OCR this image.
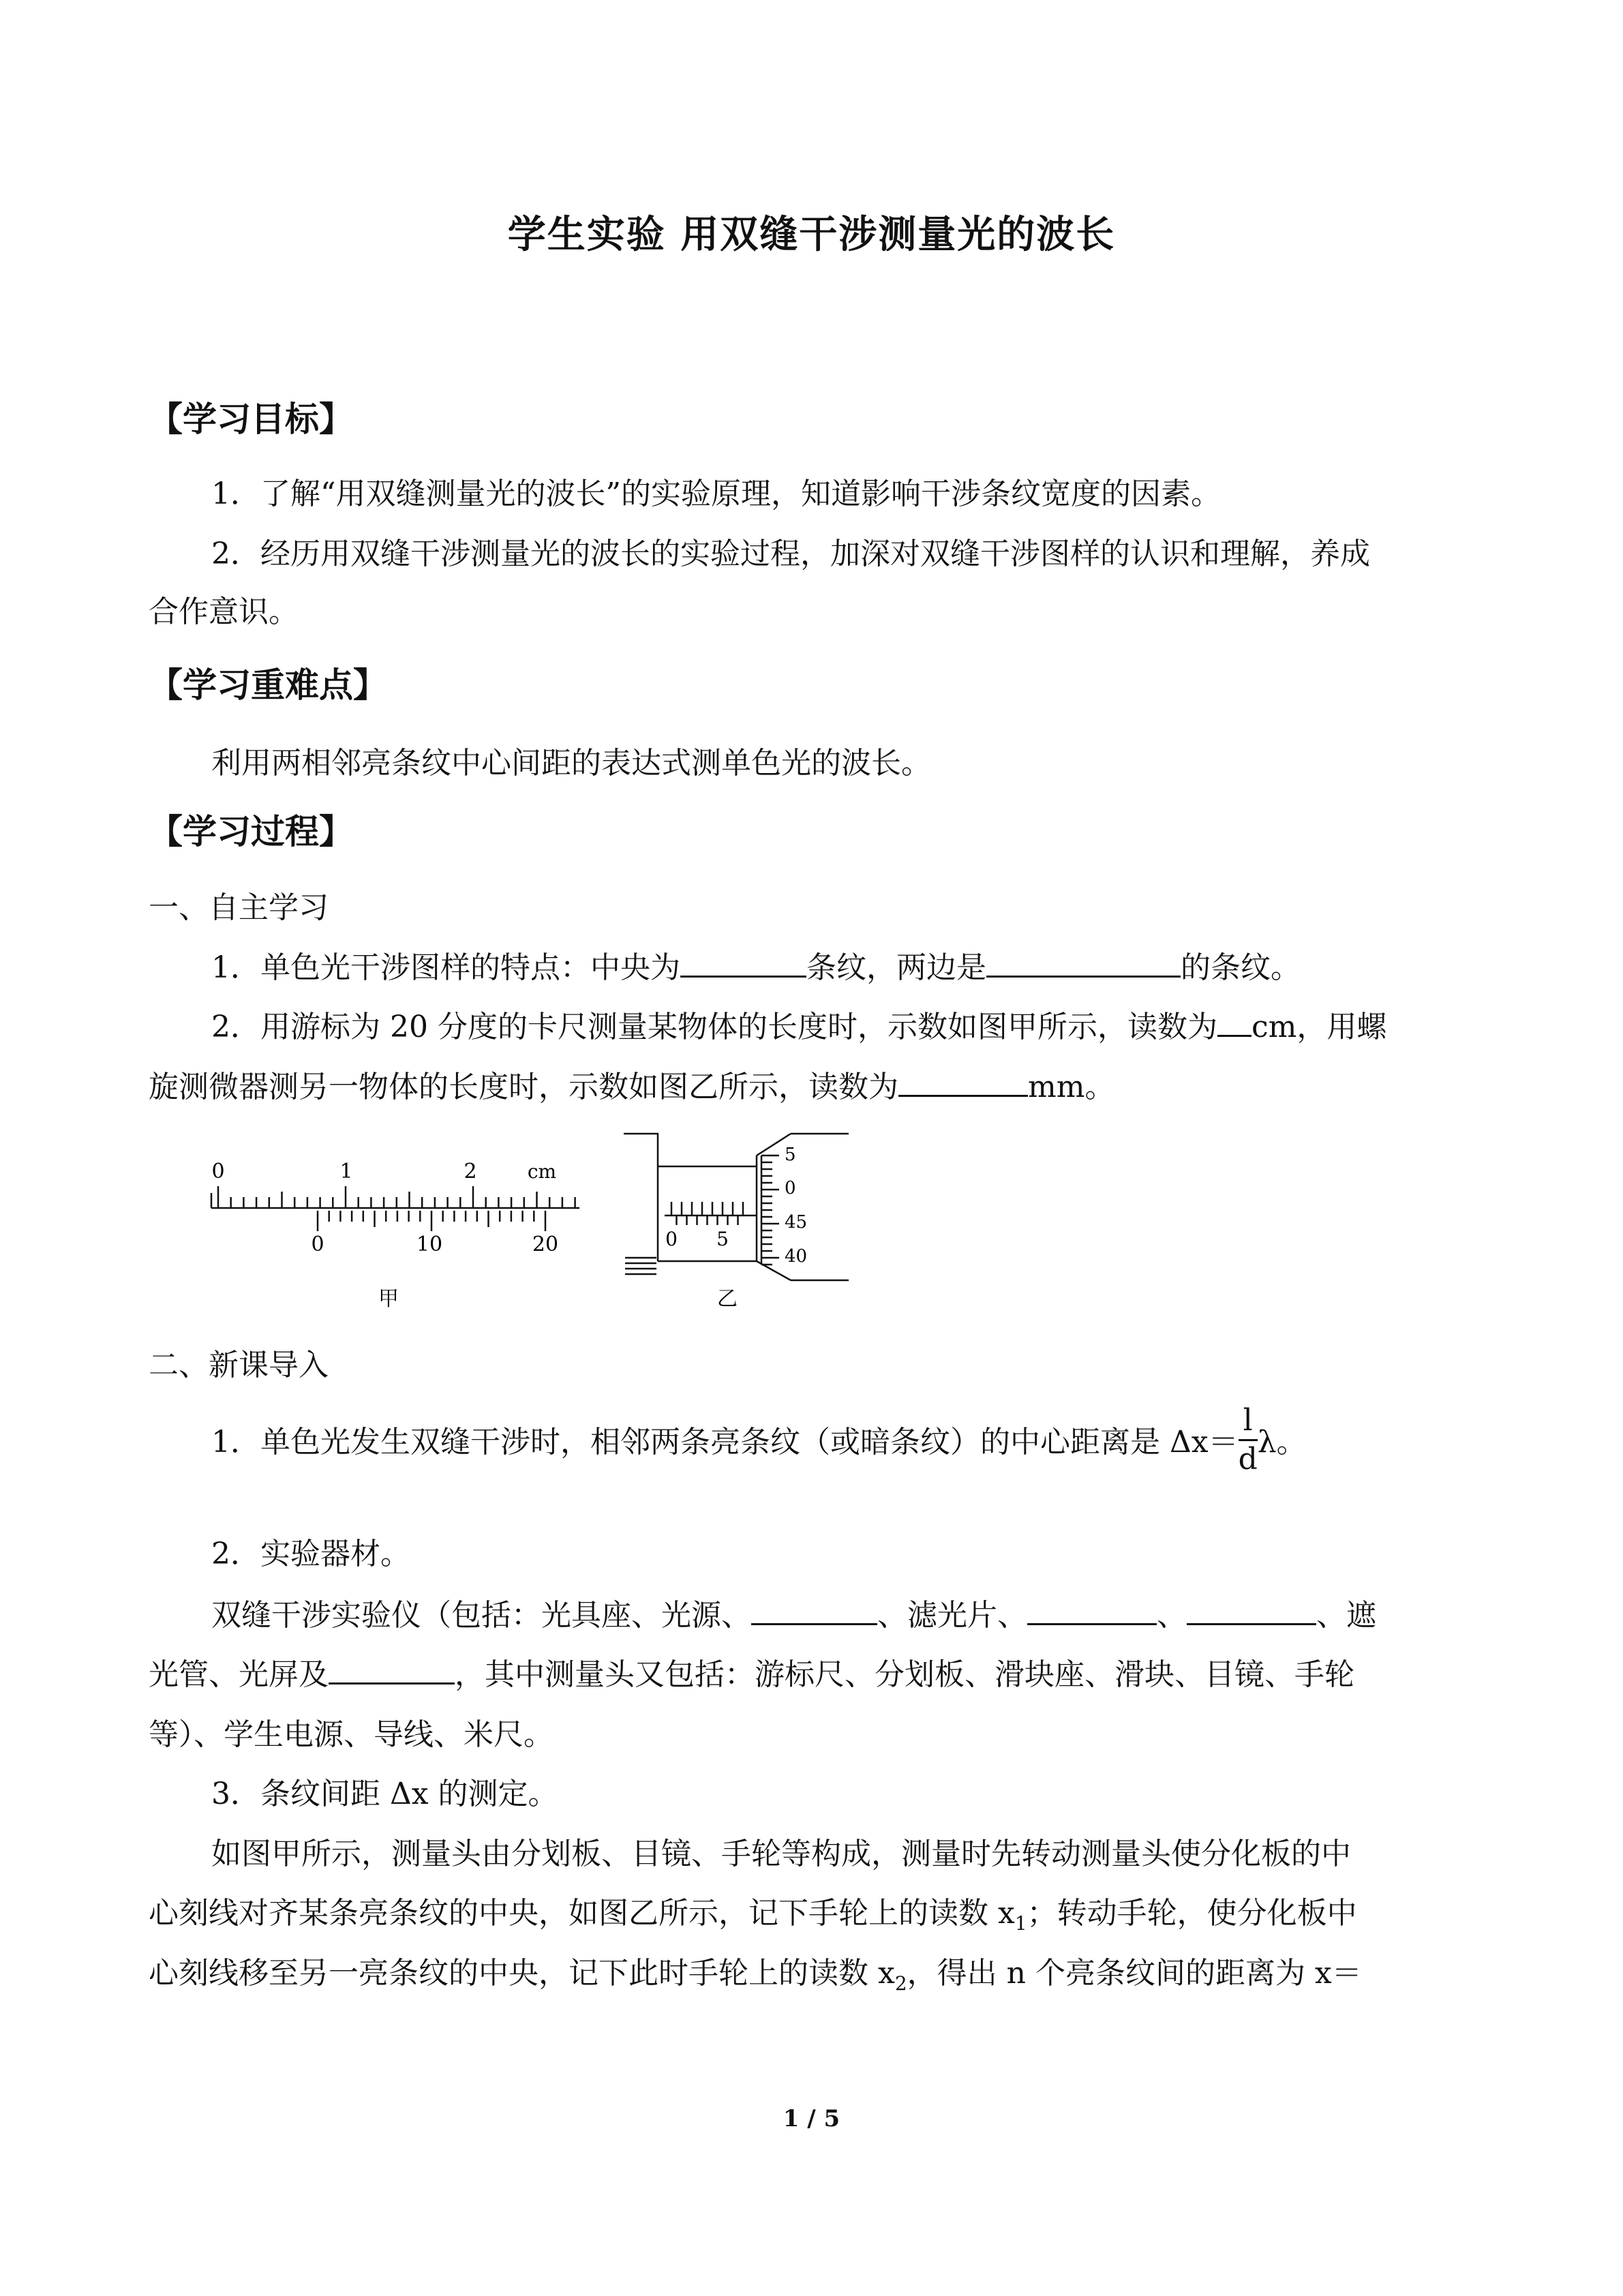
学生实验 用双缝干涉测量光的波长
【学习目标】
1．了解“用双缝测量光的波长”的实验原理，知道影响干涉条纹宽度的因素。
2．经历用双缝干涉测量光的波长的实验过程，加深对双缝干涉图样的认识和理解，养成
合作意识。
【学习重难点】
利用两相邻亮条纹中心间距的表达式测单色光的波长。
【学习过程】
一、自主学习
1．单色光干涉图样的特点：中央为	条纹，两边是	的条纹。
2．用游标为 20 分度的卡尺测量某物体的长度时，示数如图甲所示，读数为 cm，用螺
旋测微器测另一物体的长度时，示数如图乙所示，读数为	mm。
0	1	2	cm
0	10	20
甲
0 5
5
0
45
40
乙
二、新课导入
1．单色光发生双缝干涉时，相邻两条亮条纹（或暗条纹）的中心距离是 $\Delta x= \frac{l}{d}$ λ。
2．实验器材。
双缝干涉实验仪（包括：光具座、光源、	、滤光片、	、	、遮
光管、光屏及	，其中测量头又包括：游标尺、分划板、滑块座、滑块、目镜、手轮
等）、学生电源、导线、米尺。
3．条纹间距 Δx 的测定。
如图甲所示，测量头由分划板、目镜、手轮等构成，测量时先转动测量头使分化板的中
心刻线对齐某条亮条纹的中央，如图乙所示，记下手轮上的读数 $x_1$；转动手轮，使分化板中
心刻线移至另一亮条纹的中央，记下此时手轮上的读数 $x_2$，得出 n 个亮条纹间的距离为 x＝
1 / 5
